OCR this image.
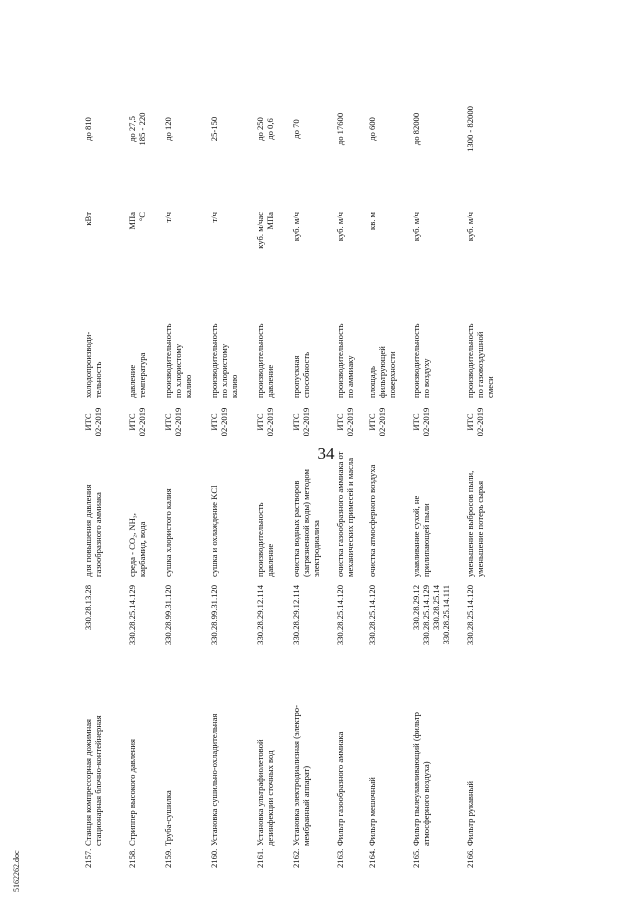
34
2157.
Станция компрессорная дожимная стационарная блочно-контейнерная
330.28.13.28
для повышения давления газообразного аммиака
ИТС
02-2019
холодопроизводи-
тельность
кВт
до 810
2158.
Стриппер высокого давления
330.28.25.14.129
среда - CO₂, NH₃,
карбамид, вода
ИТС
02-2019
давление
температура
МПа
°С
до 27,5
185 - 220
2159.
Труба-сушилка
330.28.99.31.120
сушка хлористого калия
ИТС
02-2019
производительность
по хлористому
калию
т/ч
до 120
2160.
Установка сушильно-охладительная
330.28.99.31.120
сушка и охлаждение KCl
ИТС
02-2019
производительность
по хлористому
калию
т/ч
25-150
2161.
Установка ультрафиолетовой дезинфекции сточных вод
330.28.29.12.114
производительность
давление
ИТС
02-2019
производительность
давление
куб. м/час
МПа
до 250
до 0,6
2162.
Установка электродиализная (электро-мембранный аппарат)
330.28.29.12.114
очистка водных растворов (загрязненной воды) методом электродиализа
ИТС
02-2019
пропускная
способность
куб. м/ч
до 70
2163.
Фильтр газообразного аммиака
330.28.25.14.120
очистка газообразного аммиака от механических примесей и масла
ИТС
02-2019
производительность
по аммиаку
куб. м/ч
до 17600
2164.
Фильтр мешочный
330.28.25.14.120
очистка атмосферного воздуха
ИТС
02-2019
площадь
фильтрующей
поверхности
кв. м
до 600
2165.
Фильтр пылеулавливающий (фильтр атмосферного воздуха)
330.28.29.12
330.28.25.14.129
330.28.25.14
330.28.25.14.111
улавливание сухой, не прилипающей пыли
ИТС
02-2019
производительность
по воздуху
куб. м/ч
до 82000
2166.
Фильтр рукавный
330.28.25.14.120
уменьшение выбросов пыли, уменьшение потерь сырья
ИТС
02-2019
производительность
по газовоздушной
смеси
куб. м/ч
1300 - 82000
5162262.doc
